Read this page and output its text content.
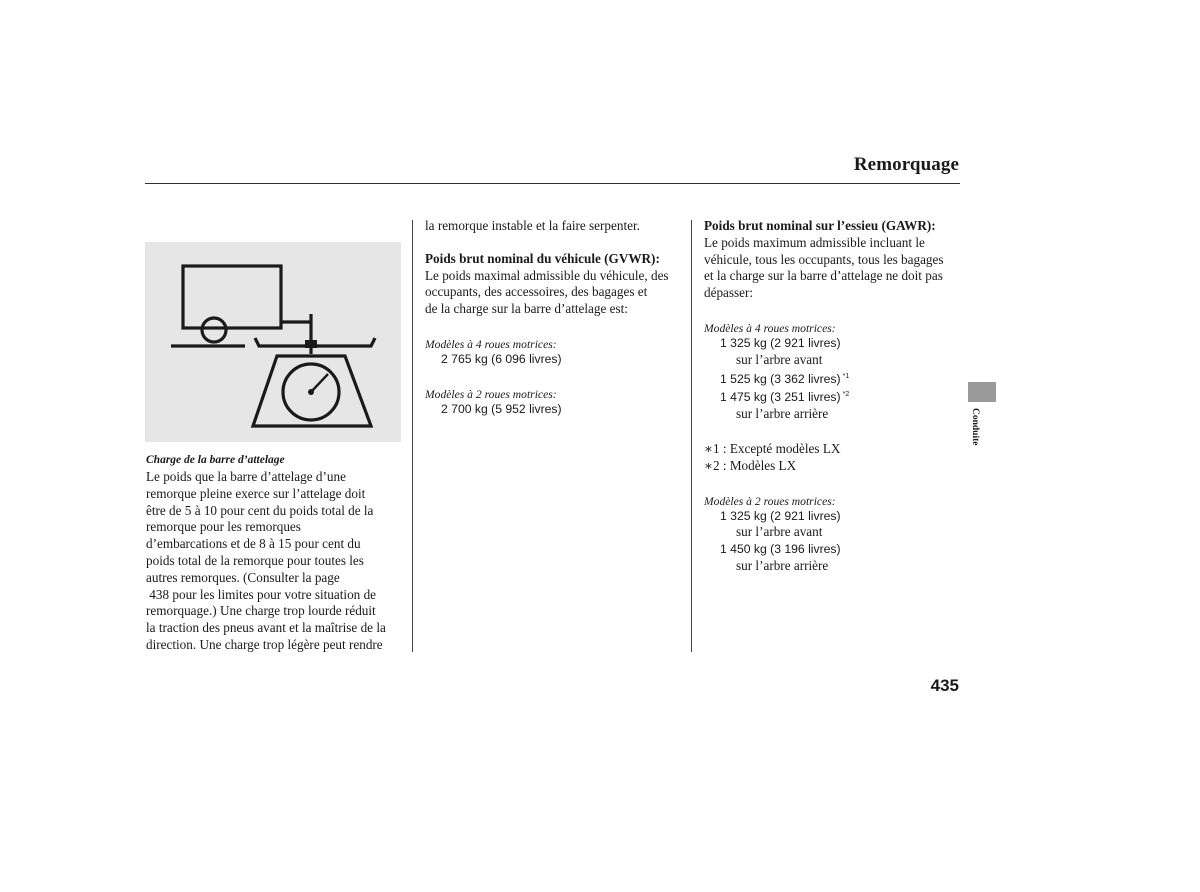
Remorquage

Charge de la barre d’attelage

Le poids que la barre d’attelage d’une

remorque pleine exerce sur l’attelage doit

être de 5 à 10 pour cent du poids total de la

remorque pour les remorques

d’embarcations et de 8 à 15 pour cent du

poids total de la remorque pour toutes les

autres remorques. (Consulter la page

438 pour les limites pour votre situation de

remorquage.) Une charge trop lourde réduit

la traction des pneus avant et la maîtrise de la

direction. Une charge trop légère peut rendre

la remorque instable et la faire serpenter.

Poids brut nominal du véhicule (GVWR):

Le poids maximal admissible du véhicule, des

occupants, des accessoires, des bagages et

de la charge sur la barre d’attelage est:

Modèles à 4 roues motrices:

2 765 kg (6 096 livres)

Modèles à 2 roues motrices:

2 700 kg (5 952 livres)

Poids brut nominal sur l’essieu (GAWR):

Le poids maximum admissible incluant le

véhicule, tous les occupants, tous les bagages

et la charge sur la barre d’attelage ne doit pas

dépasser:

Modèles à 4 roues motrices:

1 325 kg (2 921 livres)

sur l’arbre avant

1 525 kg (3 362 livres) $^{*1}$

1 475 kg (3 251 livres) $^{*2}$

sur l’arbre arrière

∗1 : Excepté modèles LX

∗2 : Modèles LX

Modèles à 2 roues motrices:

1 325 kg (2 921 livres)

sur l’arbre avant

1 450 kg (3 196 livres)

sur l’arbre arrière

Conduite
435
